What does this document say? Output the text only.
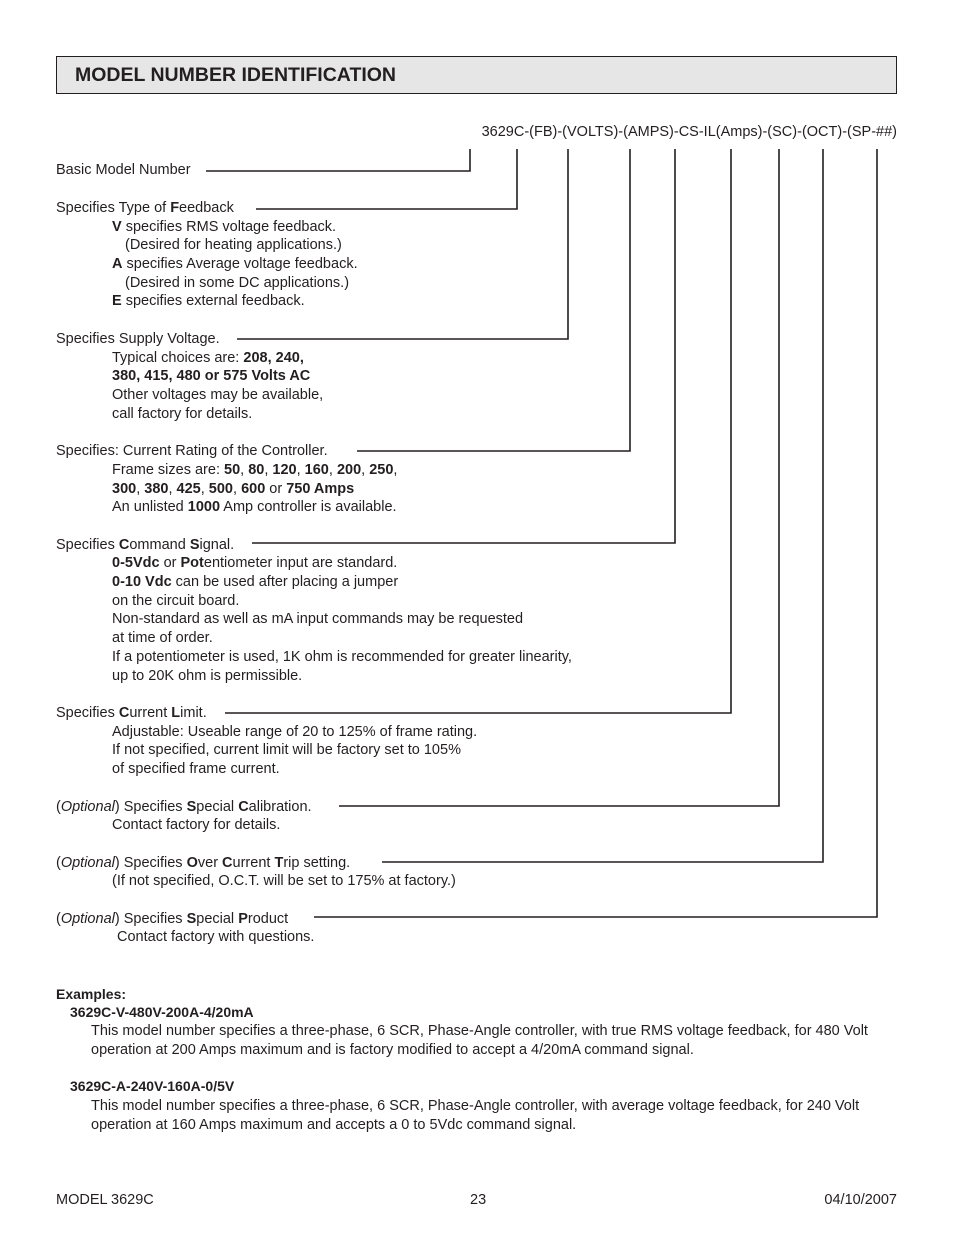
MODEL NUMBER IDENTIFICATION
3629C-(FB)-(VOLTS)-(AMPS)-CS-IL(Amps)-(SC)-(OCT)-(SP-##)
Basic Model Number
Specifies Type of Feedback
V specifies RMS voltage feedback.
(Desired for heating applications.)
A specifies Average voltage feedback.
(Desired in some DC applications.)
E specifies external feedback.
Specifies Supply Voltage.
Typical choices are: 208, 240,
380, 415, 480 or 575 Volts AC
Other voltages may be available,
call factory for details.
Specifies: Current Rating of the Controller.
Frame sizes are: 50, 80, 120, 160, 200, 250,
300, 380, 425, 500, 600 or 750 Amps
An unlisted 1000 Amp controller is available.
Specifies Command Signal.
0-5Vdc or Potentiometer input are standard.
0-10 Vdc can be used after placing a jumper
on the circuit board.
Non-standard as well as mA input commands may be requested
at time of order.
If a potentiometer is used, 1K ohm is recommended for greater linearity,
up to 20K ohm is permissible.
Specifies Current Limit.
Adjustable: Useable range of 20 to 125% of frame rating.
If not specified, current limit will be factory set to 105%
of specified frame current.
(Optional) Specifies Special Calibration.
Contact factory for details.
(Optional) Specifies Over Current Trip setting.
(If not specified, O.C.T. will be set to 175% at factory.)
(Optional) Specifies Special Product
Contact factory with questions.
Examples:
3629C-V-480V-200A-4/20mA
This model number specifies a three-phase, 6 SCR, Phase-Angle controller, with true RMS voltage feedback, for 480 Volt operation at 200 Amps maximum and is factory modified to accept a 4/20mA command signal.
3629C-A-240V-160A-0/5V
This model number specifies a three-phase, 6 SCR, Phase-Angle controller, with average voltage feedback, for 240 Volt operation at 160 Amps maximum and accepts a 0 to 5Vdc command signal.
MODEL 3629C	23	04/10/2007
